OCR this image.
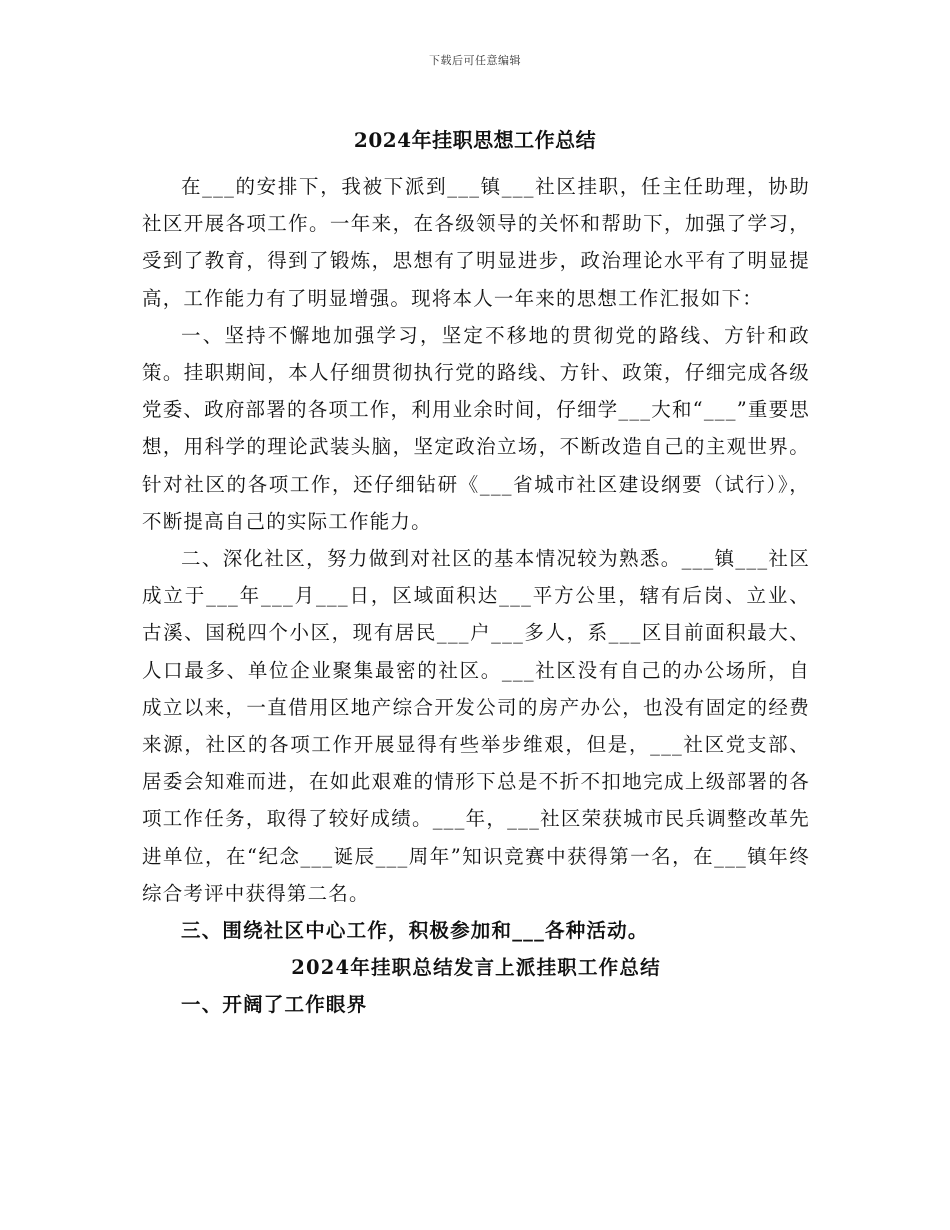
下载后可任意编辑
2024年挂职思想工作总结

在___的安排下，我被下派到___镇___社区挂职，任主任助理，协助社区开展各项工作。一年来，在各级领导的关怀和帮助下，加强了学习，受到了教育，得到了锻炼，思想有了明显进步，政治理论水平有了明显提高，工作能力有了明显增强。现将本人一年来的思想工作汇报如下：

一、坚持不懈地加强学习，坚定不移地的贯彻党的路线、方针和政策。挂职期间，本人仔细贯彻执行党的路线、方针、政策，仔细完成各级党委、政府部署的各项工作，利用业余时间，仔细学___大和“___”重要思想，用科学的理论武装头脑，坚定政治立场，不断改造自己的主观世界。针对社区的各项工作，还仔细钻研《___省城市社区建设纲要（试行）》，不断提高自己的实际工作能力。

二、深化社区，努力做到对社区的基本情况较为熟悉。___镇___社区成立于___年___月___日，区域面积达___平方公里，辖有后岗、立业、古溪、国税四个小区，现有居民___户___多人，系___区目前面积最大、人口最多、单位企业聚集最密的社区。___社区没有自己的办公场所，自成立以来，一直借用区地产综合开发公司的房产办公，也没有固定的经费来源，社区的各项工作开展显得有些举步维艰，但是，___社区党支部、居委会知难而进，在如此艰难的情形下总是不折不扣地完成上级部署的各项工作任务，取得了较好成绩。___年，___社区荣获城市民兵调整改革先进单位，在“纪念___诞辰___周年”知识竞赛中获得第一名，在___镇年终综合考评中获得第二名。

三、围绕社区中心工作，积极参加和___各种活动。

2024年挂职总结发言上派挂职工作总结

一、开阔了工作眼界
